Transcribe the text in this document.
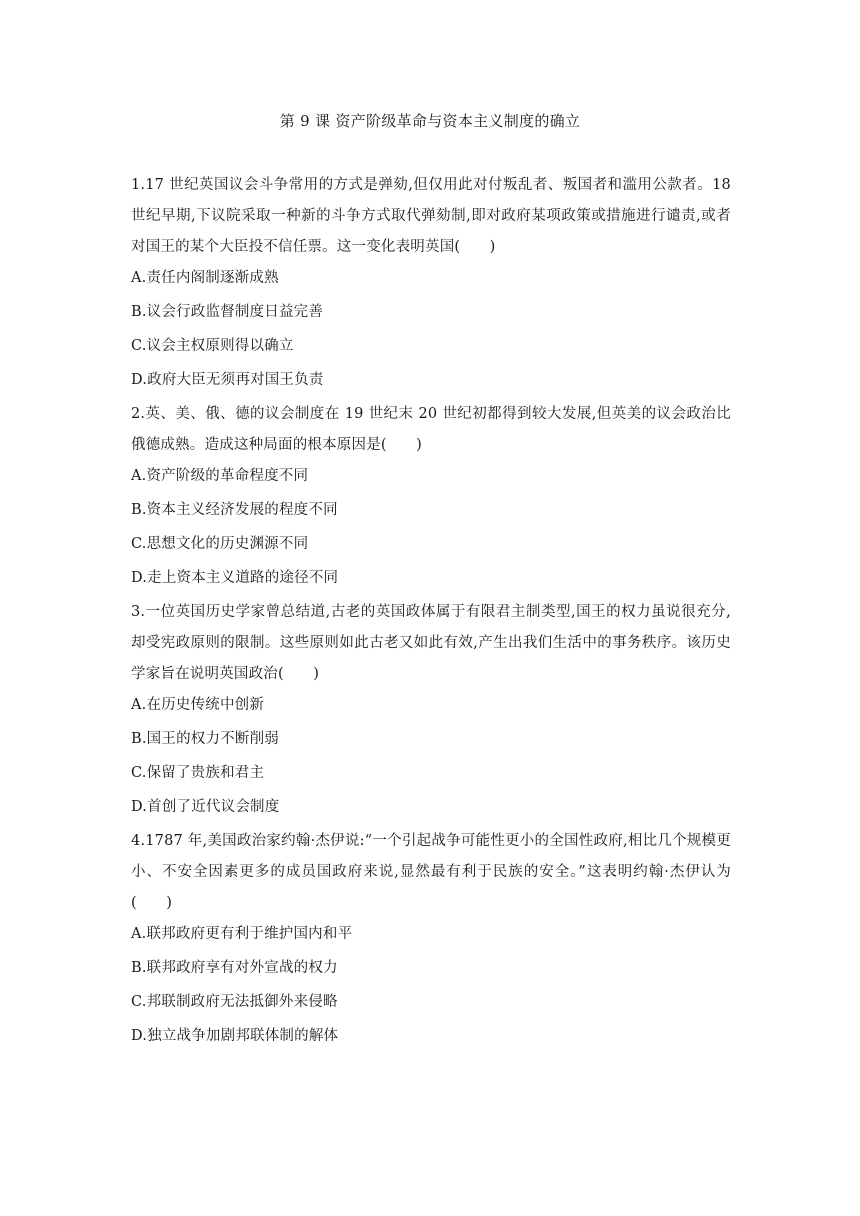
第 9 课 资产阶级革命与资本主义制度的确立

1.17 世纪英国议会斗争常用的方式是弹劾,但仅用此对付叛乱者、叛国者和滥用公款者。18 世纪早期,下议院采取一种新的斗争方式取代弹劾制,即对政府某项政策或措施进行谴责,或者对国王的某个大臣投不信任票。这一变化表明英国(　　)

A.责任内阁制逐渐成熟

B.议会行政监督制度日益完善

C.议会主权原则得以确立

D.政府大臣无须再对国王负责

2.英、美、俄、德的议会制度在 19 世纪末 20 世纪初都得到较大发展,但英美的议会政治比俄德成熟。造成这种局面的根本原因是(　　)

A.资产阶级的革命程度不同

B.资本主义经济发展的程度不同

C.思想文化的历史渊源不同

D.走上资本主义道路的途径不同

3.一位英国历史学家曾总结道,古老的英国政体属于有限君主制类型,国王的权力虽说很充分,却受宪政原则的限制。这些原则如此古老又如此有效,产生出我们生活中的事务秩序。该历史学家旨在说明英国政治(　　)

A.在历史传统中创新

B.国王的权力不断削弱

C.保留了贵族和君主

D.首创了近代议会制度

4.1787 年,美国政治家约翰·杰伊说:“一个引起战争可能性更小的全国性政府,相比几个规模更小、不安全因素更多的成员国政府来说,显然最有利于民族的安全。”这表明约翰·杰伊认为(　　)

A.联邦政府更有利于维护国内和平

B.联邦政府享有对外宣战的权力

C.邦联制政府无法抵御外来侵略

D.独立战争加剧邦联体制的解体
